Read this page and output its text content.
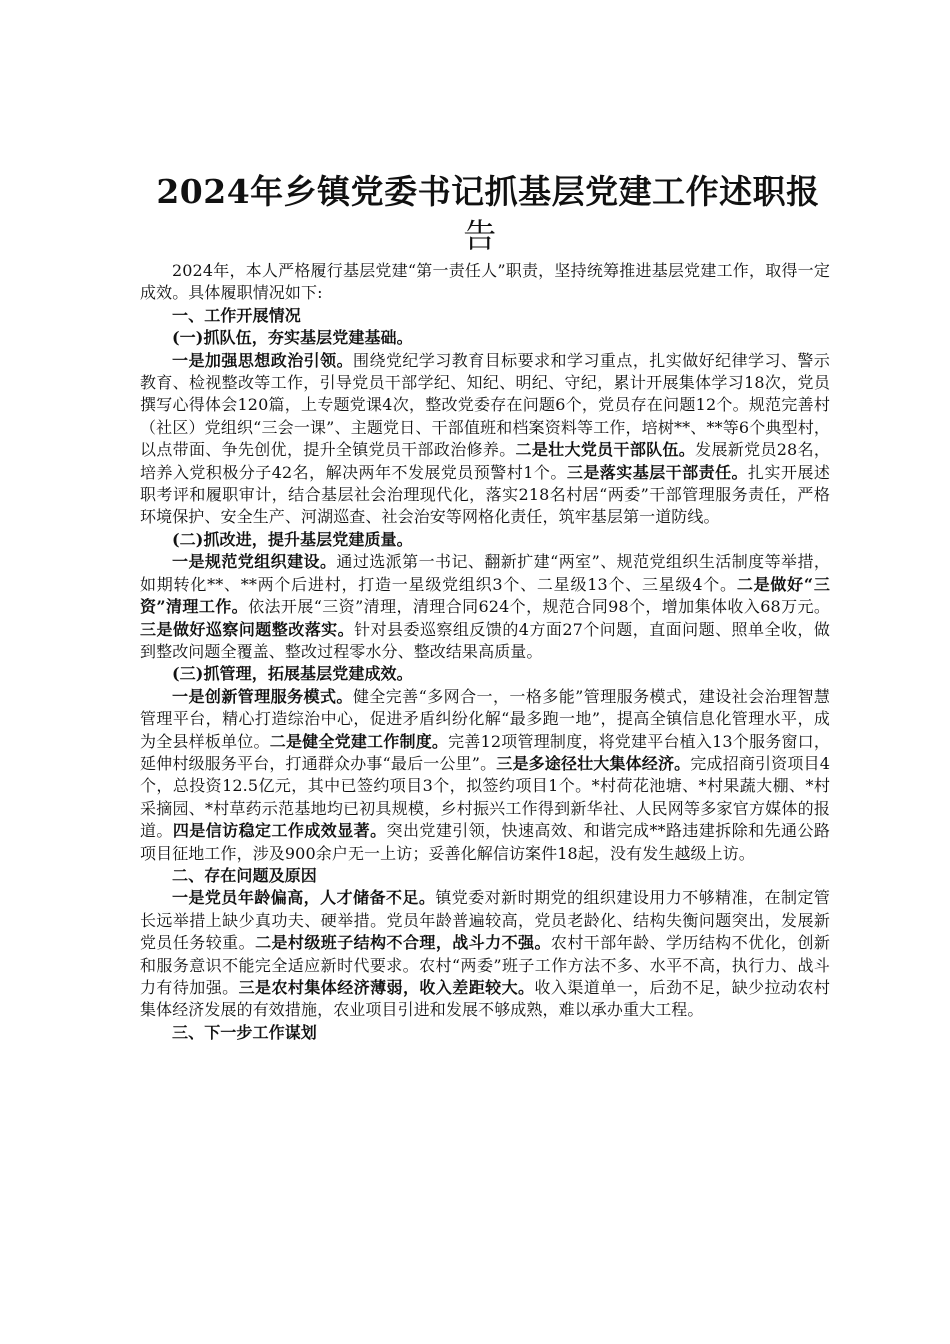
2024年乡镇党委书记抓基层党建工作述职报
告

2024年，本人严格履行基层党建“第一责任人”职责，坚持统筹推进基层党建工作，取得一定成效。具体履职情况如下:

一、工作开展情况

(一)抓队伍，夯实基层党建基础。

一是加强思想政治引领。围绕党纪学习教育目标要求和学习重点，扎实做好纪律学习、警示教育、检视整改等工作，引导党员干部学纪、知纪、明纪、守纪，累计开展集体学习18次，党员撰写心得体会120篇，上专题党课4次，整改党委存在问题6个，党员存在问题12个。规范完善村（社区）党组织“三会一课”、主题党日、干部值班和档案资料等工作，培树**、**等6个典型村，以点带面、争先创优，提升全镇党员干部政治修养。二是壮大党员干部队伍。发展新党员28名，培养入党积极分子42名，解决两年不发展党员预警村1个。三是落实基层干部责任。扎实开展述职考评和履职审计，结合基层社会治理现代化，落实218名村居“两委”干部管理服务责任，严格环境保护、安全生产、河湖巡查、社会治安等网格化责任，筑牢基层第一道防线。

(二)抓改进，提升基层党建质量。

一是规范党组织建设。通过选派第一书记、翻新扩建“两室”、规范党组织生活制度等举措，如期转化**、**两个后进村，打造一星级党组织3个、二星级13个、三星级4个。二是做好“三资”清理工作。依法开展“三资”清理，清理合同624个，规范合同98个，增加集体收入68万元。三是做好巡察问题整改落实。针对县委巡察组反馈的4方面27个问题，直面问题、照单全收，做到整改问题全覆盖、整改过程零水分、整改结果高质量。

(三)抓管理，拓展基层党建成效。

一是创新管理服务模式。健全完善“多网合一，一格多能”管理服务模式，建设社会治理智慧管理平台，精心打造综治中心，促进矛盾纠纷化解“最多跑一地”，提高全镇信息化管理水平，成为全县样板单位。二是健全党建工作制度。完善12项管理制度，将党建平台植入13个服务窗口，延伸村级服务平台，打通群众办事“最后一公里”。三是多途径壮大集体经济。完成招商引资项目4个，总投资12.5亿元，其中已签约项目3个，拟签约项目1个。*村荷花池塘、*村果蔬大棚、*村采摘园、*村草药示范基地均已初具规模，乡村振兴工作得到新华社、人民网等多家官方媒体的报道。四是信访稳定工作成效显著。突出党建引领，快速高效、和谐完成**路违建拆除和先通公路项目征地工作，涉及900余户无一上访；妥善化解信访案件18起，没有发生越级上访。

二、存在问题及原因

一是党员年龄偏高，人才储备不足。镇党委对新时期党的组织建设用力不够精准，在制定管长远举措上缺少真功夫、硬举措。党员年龄普遍较高，党员老龄化、结构失衡问题突出，发展新党员任务较重。二是村级班子结构不合理，战斗力不强。农村干部年龄、学历结构不优化，创新和服务意识不能完全适应新时代要求。农村“两委”班子工作方法不多、水平不高，执行力、战斗力有待加强。三是农村集体经济薄弱，收入差距较大。收入渠道单一，后劲不足，缺少拉动农村集体经济发展的有效措施，农业项目引进和发展不够成熟，难以承办重大工程。

三、下一步工作谋划
